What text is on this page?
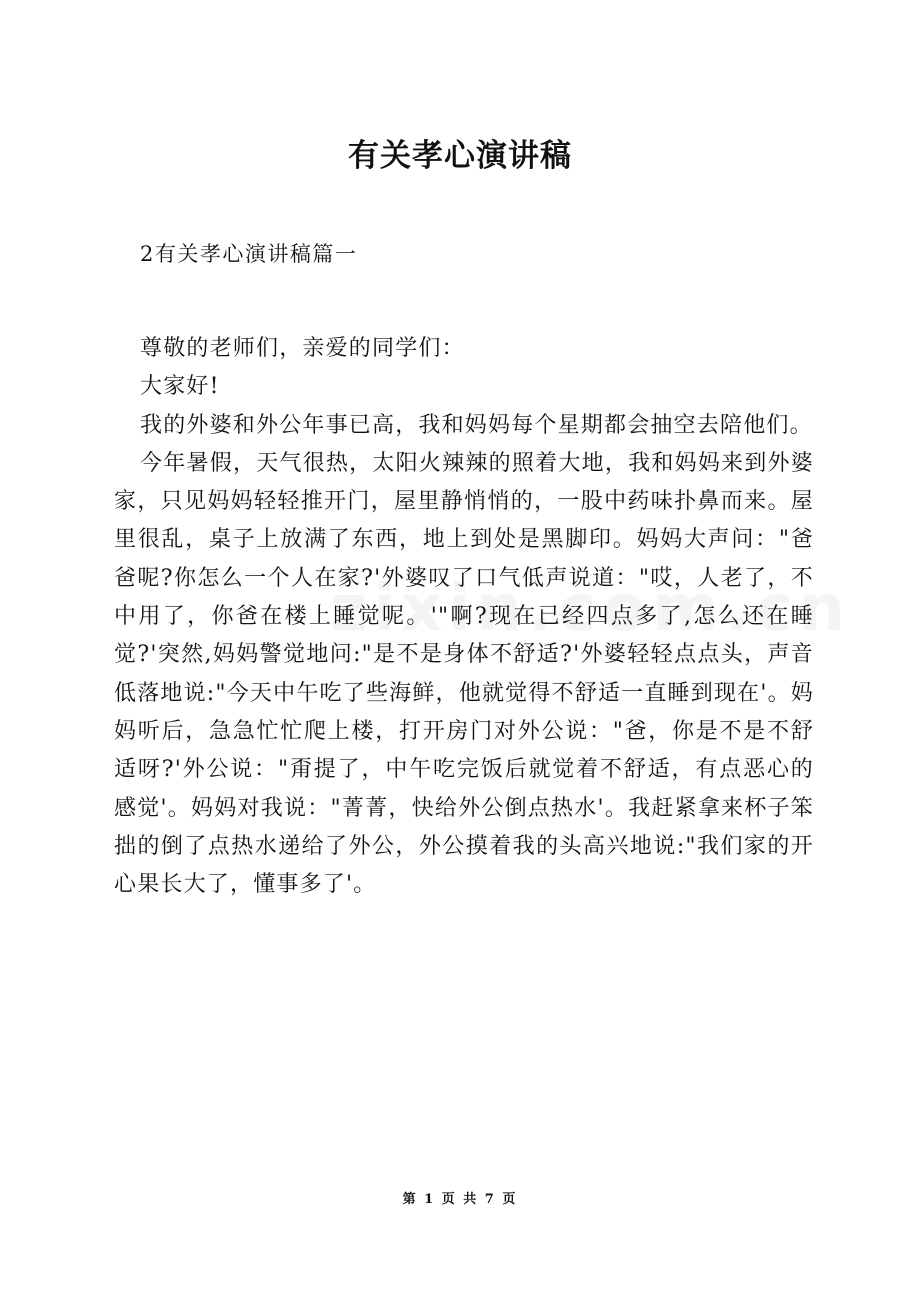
有关孝心演讲稿
2有关孝心演讲稿篇一

尊敬的老师们，亲爱的同学们：

大家好!

我的外婆和外公年事已高，我和妈妈每个星期都会抽空去陪他们。

今年暑假，天气很热，太阳火辣辣的照着大地，我和妈妈来到外婆家，只见妈妈轻轻推开门，屋里静悄悄的，一股中药味扑鼻而来。屋里很乱，桌子上放满了东西，地上到处是黑脚印。妈妈大声问："爸爸呢?你怎么一个人在家?'外婆叹了口气低声说道："哎，人老了，不中用了，你爸在楼上睡觉呢。'"啊?现在已经四点多了,怎么还在睡觉?'突然,妈妈警觉地问:"是不是身体不舒适?'外婆轻轻点点头，声音低落地说:"今天中午吃了些海鲜，他就觉得不舒适一直睡到现在'。妈妈听后，急急忙忙爬上楼，打开房门对外公说："爸，你是不是不舒适呀?'外公说："甭提了，中午吃完饭后就觉着不舒适，有点恶心的感觉'。妈妈对我说："菁菁，快给外公倒点热水'。我赶紧拿来杯子笨拙的倒了点热水递给了外公，外公摸着我的头高兴地说:"我们家的开心果长大了，懂事多了'。

第 1 页 共 7 页
